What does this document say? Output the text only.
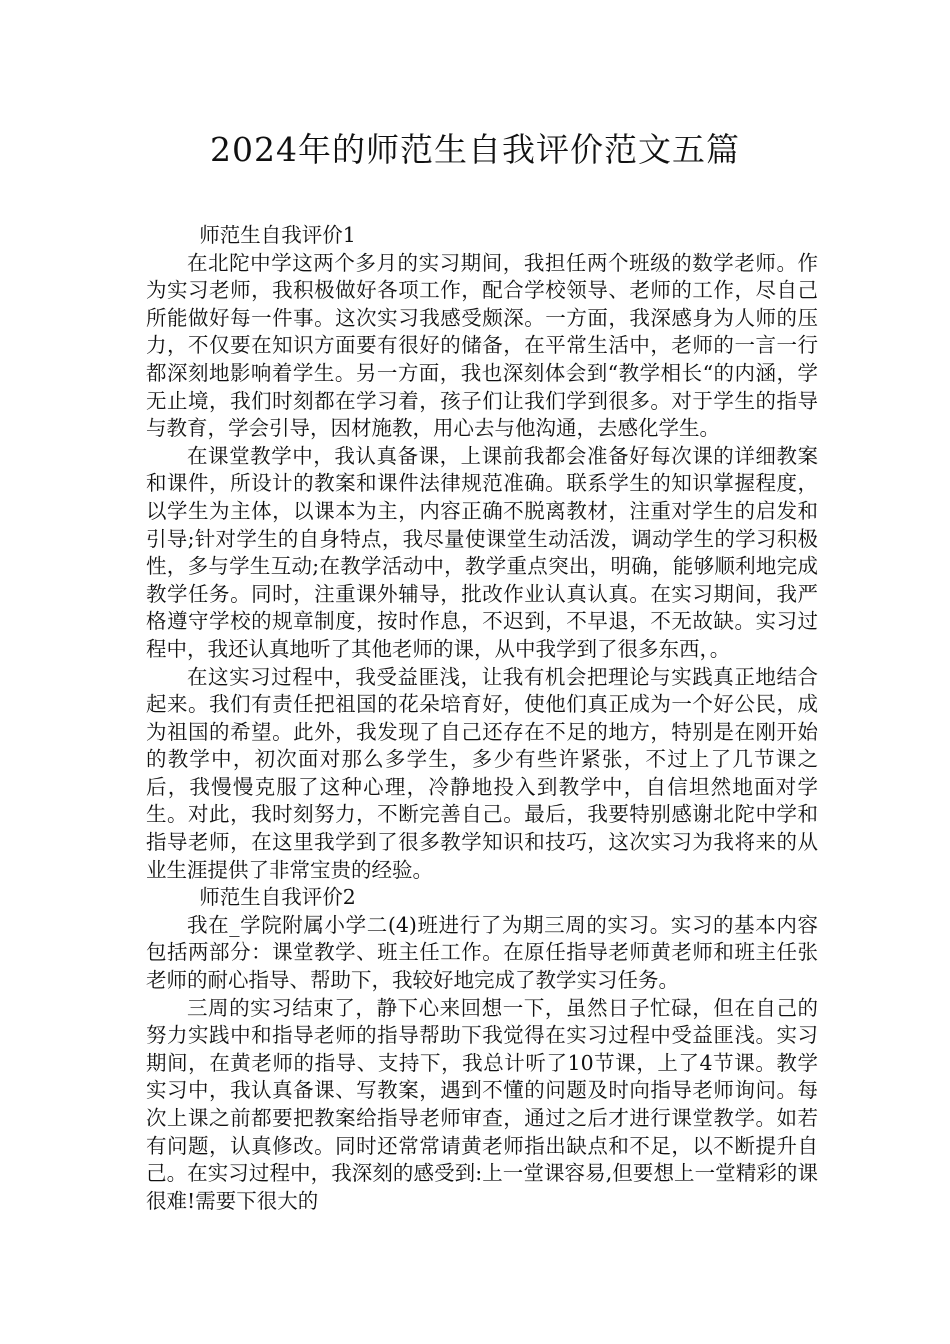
2024年的师范生自我评价范文五篇

师范生自我评价1

在北陀中学这两个多月的实习期间，我担任两个班级的数学老师。作为实习老师，我积极做好各项工作，配合学校领导、老师的工作，尽自己所能做好每一件事。这次实习我感受颇深。一方面，我深感身为人师的压力，不仅要在知识方面要有很好的储备，在平常生活中，老师的一言一行都深刻地影响着学生。另一方面，我也深刻体会到“教学相长“的内涵，学无止境，我们时刻都在学习着，孩子们让我们学到很多。对于学生的指导与教育，学会引导，因材施教，用心去与他沟通，去感化学生。

在课堂教学中，我认真备课，上课前我都会准备好每次课的详细教案和课件，所设计的教案和课件法律规范准确。联系学生的知识掌握程度，以学生为主体，以课本为主，内容正确不脱离教材，注重对学生的启发和引导;针对学生的自身特点，我尽量使课堂生动活泼，调动学生的学习积极性，多与学生互动;在教学活动中，教学重点突出，明确，能够顺利地完成教学任务。同时，注重课外辅导，批改作业认真认真。在实习期间，我严格遵守学校的规章制度，按时作息，不迟到，不早退，不无故缺。实习过程中，我还认真地听了其他老师的课，从中我学到了很多东西，。

在这实习过程中，我受益匪浅，让我有机会把理论与实践真正地结合起来。我们有责任把祖国的花朵培育好，使他们真正成为一个好公民，成为祖国的希望。此外，我发现了自己还存在不足的地方，特别是在刚开始的教学中，初次面对那么多学生，多少有些许紧张，不过上了几节课之后，我慢慢克服了这种心理，冷静地投入到教学中，自信坦然地面对学生。对此，我时刻努力，不断完善自己。最后，我要特别感谢北陀中学和指导老师，在这里我学到了很多教学知识和技巧，这次实习为我将来的从业生涯提供了非常宝贵的经验。

师范生自我评价2

我在_学院附属小学二(4)班进行了为期三周的实习。实习的基本内容包括两部分：课堂教学、班主任工作。在原任指导老师黄老师和班主任张老师的耐心指导、帮助下，我较好地完成了教学实习任务。

三周的实习结束了，静下心来回想一下，虽然日子忙碌，但在自己的努力实践中和指导老师的指导帮助下我觉得在实习过程中受益匪浅。实习期间，在黄老师的指导、支持下，我总计听了10节课，上了4节课。教学实习中，我认真备课、写教案，遇到不懂的问题及时向指导老师询问。每次上课之前都要把教案给指导老师审查，通过之后才进行课堂教学。如若有问题，认真修改。同时还常常请黄老师指出缺点和不足，以不断提升自己。在实习过程中，我深刻的感受到:上一堂课容易,但要想上一堂精彩的课很难!需要下很大的
